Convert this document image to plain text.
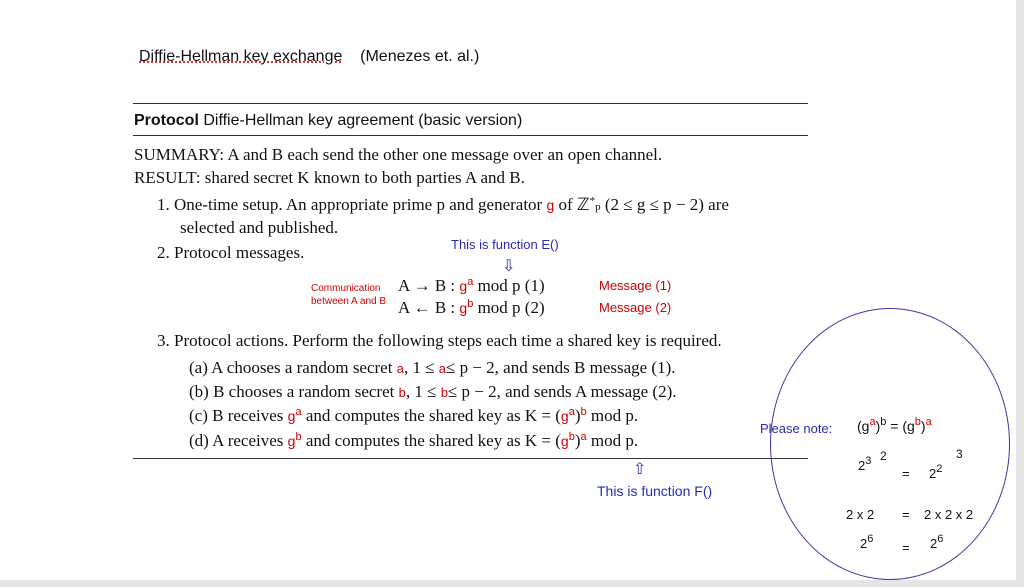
Diffie-Hellman key exchange (Menezes et. al.)
Protocol Diffie-Hellman key agreement (basic version)
SUMMARY: A and B each send the other one message over an open channel.
RESULT: shared secret K known to both parties A and B.
1. One-time setup. An appropriate prime p and generator g of ℤ*p (2 ≤ g ≤ p − 2) are
selected and published.
2. Protocol messages.	This is function E()
⇩
Communication
between A and B
A → B : $g^a$ mod p (1)	Message (1)
A ← B : $g^b$ mod p (2)	Message (2)
3. Protocol actions. Perform the following steps each time a shared key is required.
(a) A chooses a random secret a, 1 ≤ a≤ p − 2, and sends B message (1).
(b) B chooses a random secret b, 1 ≤ b≤ p − 2, and sends A message (2).
(c) B receives $g^a$ and computes the shared key as $K = (g^a)^b$ mod p.
(d) A receives $g^b$ and computes the shared key as $K = (g^b)^a$ mod p.
⇧
This is function F()
Please note: $(g^a)^b = (g^b)^a$
$2^3$ 2
= $2^2$
3
2 x 2 = 2 x 2 x 2
$2^6$
= $2^6$
